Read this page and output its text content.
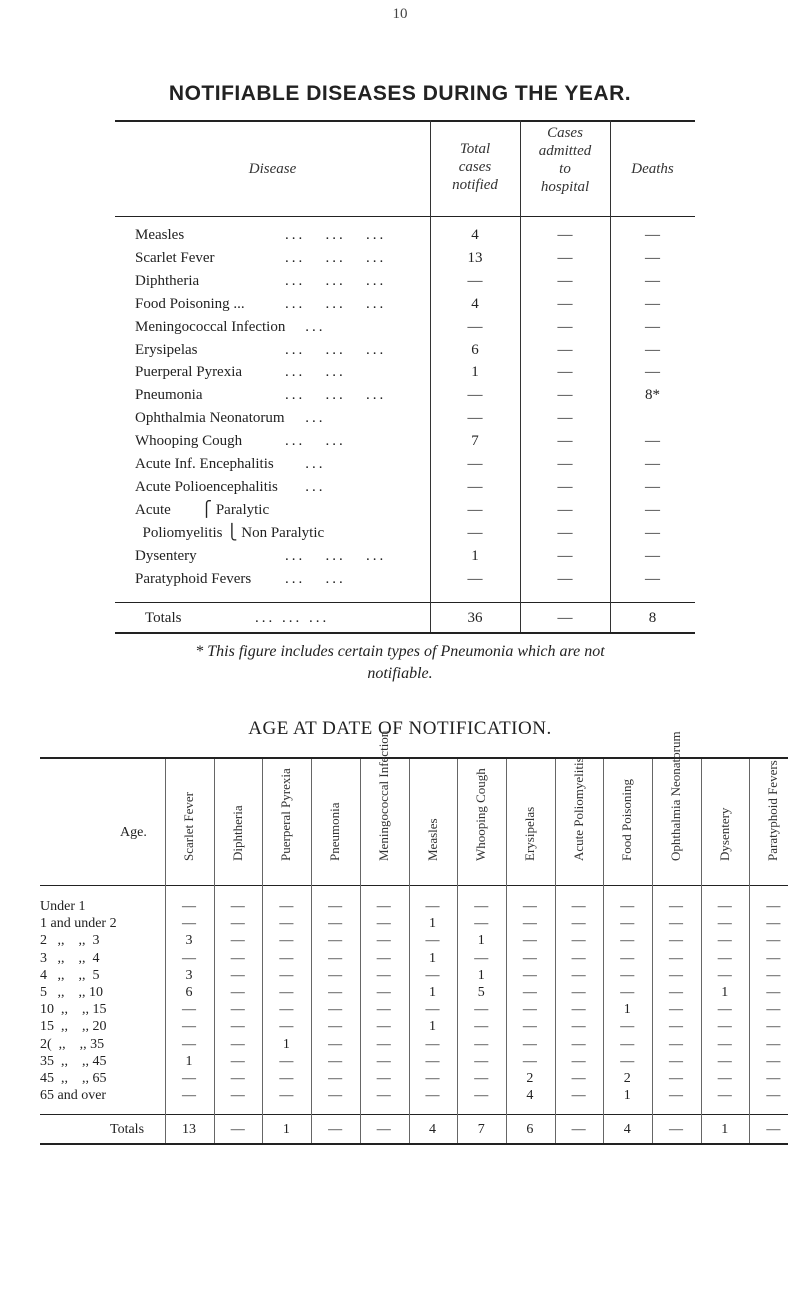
10
NOTIFIABLE DISEASES DURING THE YEAR.
Disease
Total
cases
notified
Cases
admitted
to
hospital
Deaths
Measles	...   ...   ...	4	—	—
Scarlet Fever	...   ...   ...	13	—	—
Diphtheria	...   ...   ...	—	—	—
Food Poisoning ...	...   ...   ...	4	—	—
Meningococcal Infection ...	—	—	—
Erysipelas	...   ...   ...	6	—	—
Puerperal Pyrexia	...   ...	1	—	—
Pneumonia	...   ...   ...	—	—	8*
Ophthalmia Neonatorum ...	—	—
Whooping Cough	...   ...	7	—	—
Acute Inf. Encephalitis ...	—	—	—
Acute Polioencephalitis ...	—	—	—
Acute        ⎧ Paralytic	—	—	—
Poliomyelitis ⎩ Non Paralytic	—	—	—
Dysentery	...   ...   ...	1	—	—
Paratyphoid Fevers ...   ...	—	—	—
Totals	... ... ...	36	—	8
* This figure includes certain types of Pneumonia which are not
notifiable.
AGE AT DATE OF NOTIFICATION.
Age.	Scarlet Fever	Diphtheria	Puerperal Pyrexia	Pneumonia	Meningococcal Infection	Measles	Whooping Cough	Erysipelas	Acute Poliomyelitis	Food Poisoning	Ophthalmia Neonatorum	Dysentery	Paratyphoid Fevers
Under 1	—	—	—	—	—	—	—	—	—	—	—	—	—
1 and under 2	—	—	—	—	—	1	—	—	—	—	—	—	—
2   ,,    ,,  3	3	—	—	—	—	—	1	—	—	—	—	—	—
3   ,,    ,,  4	—	—	—	—	—	1	—	—	—	—	—	—	—
4   ,,    ,,  5	3	—	—	—	—	—	1	—	—	—	—	—	—
5   ,,    ,, 10	6	—	—	—	—	1	5	—	—	—	—	1	—
10  ,,    ,, 15	—	—	—	—	—	—	—	—	—	1	—	—	—
15  ,,    ,, 20	—	—	—	—	—	1	—	—	—	—	—	—	—
2(  ,,    ,, 35	—	—	1	—	—	—	—	—	—	—	—	—	—
35  ,,    ,, 45	1	—	—	—	—	—	—	—	—	—	—	—	—
45  ,,    ,, 65	—	—	—	—	—	—	—	2	—	2	—	—	—
65 and over	—	—	—	—	—	—	—	4	—	1	—	—	—
Totals	13	—	1	—	—	4	7	6	—	4	—	1	—
